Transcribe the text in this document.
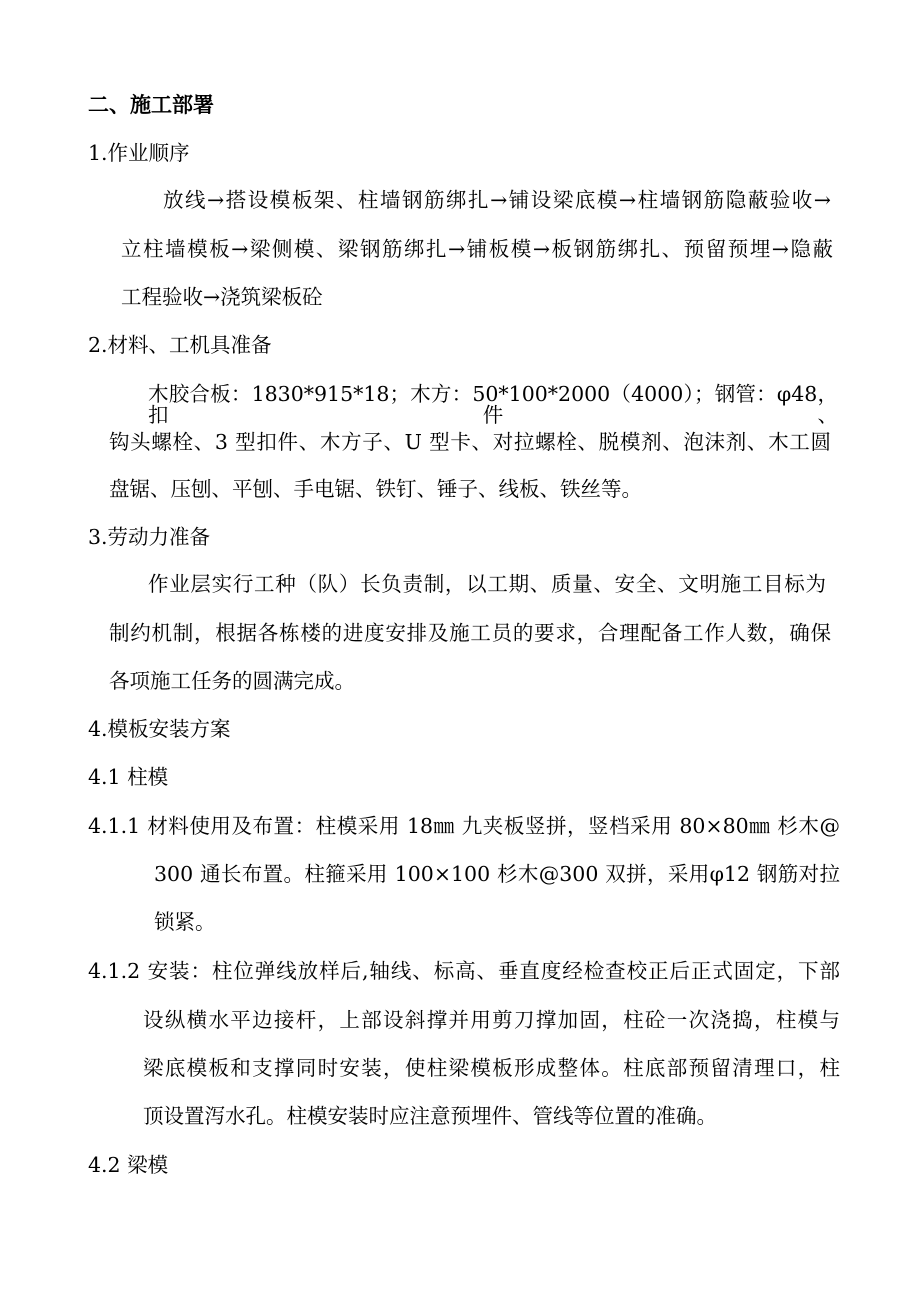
二、施工部署
1.作业顺序
放线→搭设模板架、柱墙钢筋绑扎→铺设梁底模→柱墙钢筋隐蔽验收→
立柱墙模板→梁侧模、梁钢筋绑扎→铺板模→板钢筋绑扎、预留预埋→隐蔽
工程验收→浇筑梁板砼
2.材料、工机具准备
木胶合板：1830*915*18；木方：50*100*2000（4000）；钢管：φ48，扣件、
钩头螺栓、3 型扣件、木方子、U 型卡、对拉螺栓、脱模剂、泡沫剂、木工圆
盘锯、压刨、平刨、手电锯、铁钉、锤子、线板、铁丝等。
3.劳动力准备
作业层实行工种（队）长负责制，以工期、质量、安全、文明施工目标为
制约机制，根据各栋楼的进度安排及施工员的要求，合理配备工作人数，确保
各项施工任务的圆满完成。
4.模板安装方案
4.1 柱模
4.1.1 材料使用及布置：柱模采用 18㎜ 九夹板竖拼，竖档采用 80×80㎜ 杉木@
300 通长布置。柱箍采用 100×100 杉木@300 双拼，采用φ12 钢筋对拉
锁紧。
4.1.2 安装：柱位弹线放样后,轴线、标高、垂直度经检查校正后正式固定，下部
设纵横水平边接杆，上部设斜撑并用剪刀撑加固，柱砼一次浇捣，柱模与
梁底模板和支撑同时安装，使柱梁模板形成整体。柱底部预留清理口，柱
顶设置泻水孔。柱模安装时应注意预埋件、管线等位置的准确。
4.2 梁模
